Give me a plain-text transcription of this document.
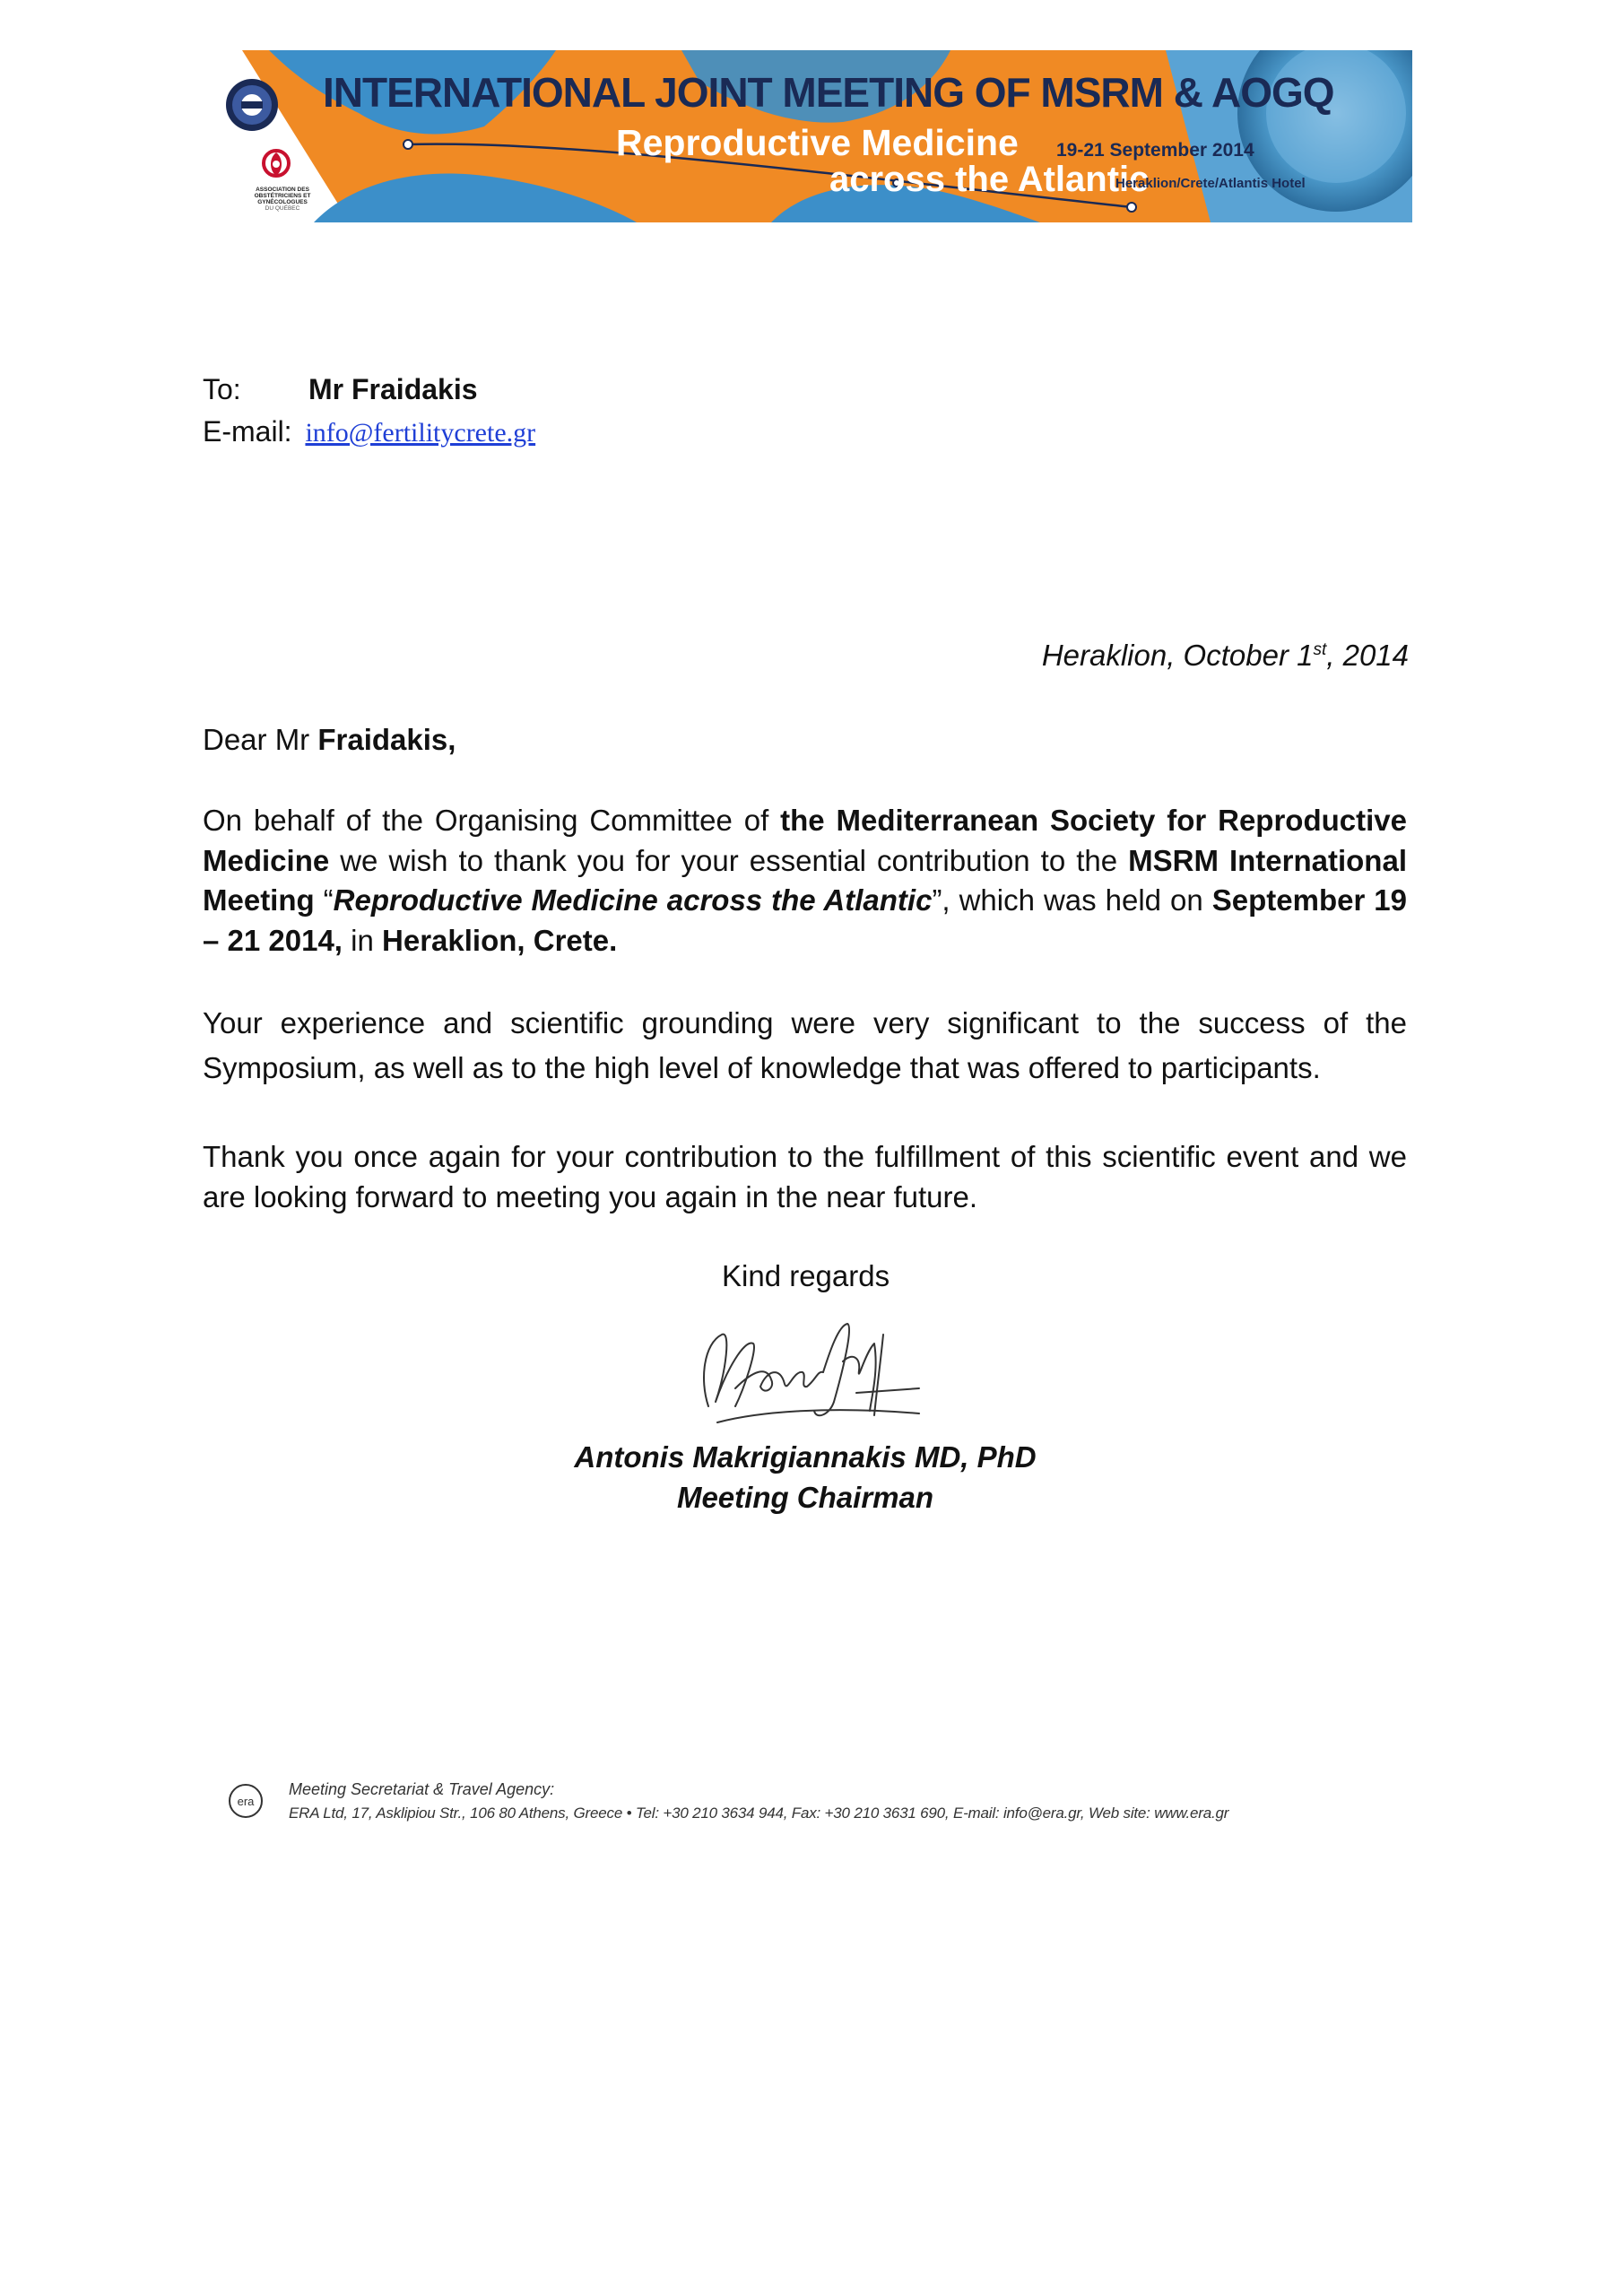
ASSOCIATION DES OBSTÉTRICIENS ET GYNÉCOLOGUES
DU QUÉBEC
INTERNATIONAL JOINT MEETING OF MSRM & AOGQ
Reproductive Medicine
across the Atlantic
19-21 September 2014
Heraklion/Crete/Atlantis Hotel
To: Mr Fraidakis
E-mail: info@fertilitycrete.gr
Heraklion, October 1st, 2014
Dear Mr Fraidakis,
On behalf of the Organising Committee of the Mediterranean Society for Reproductive Medicine we wish to thank you for your essential contribution to the MSRM International Meeting “Reproductive Medicine across the Atlantic”, which was held on September 19 – 21 2014, in Heraklion, Crete.
Your experience and scientific grounding were very significant to the success of the Symposium, as well as to the high level of knowledge that was offered to participants.
Thank you once again for your contribution to the fulfillment of this scientific event and we are looking forward to meeting you again in the near future.
Kind regards
Antonis Makrigiannakis MD, PhD
Meeting Chairman
era
Meeting Secretariat & Travel Agency:
ERA Ltd, 17, Asklipiou Str., 106 80 Athens, Greece • Tel: +30 210 3634 944, Fax: +30 210 3631 690, E-mail: info@era.gr, Web site: www.era.gr
